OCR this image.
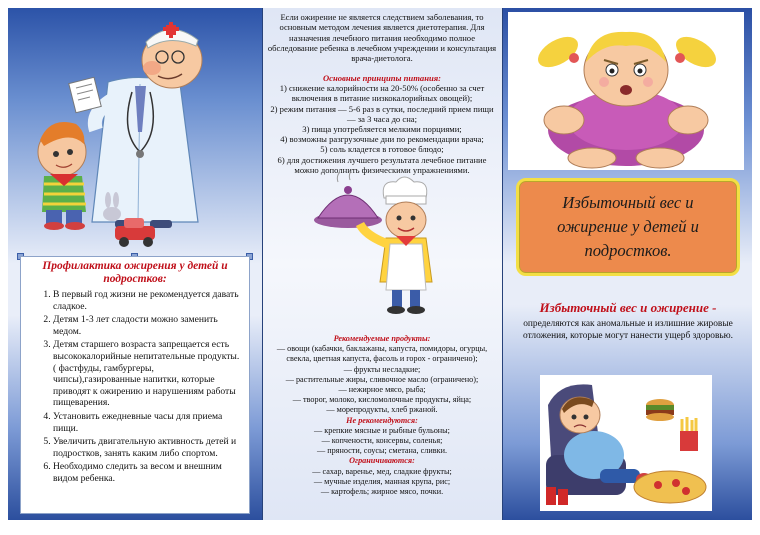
Профилактика ожирения у детей и подростков:
1. В первый год жизни не рекомендуется давать сладкое.
2. Детям 1-3 лет сладости можно заменить медом.
3. Детям старшего возраста запрещается есть высококалорийные непитательные продукты. ( фастфуды, гамбургеры, чипсы),газированные напитки, которые приводят к ожирению и нарушениям работы пищеварения.
4. Установить ежедневные часы для приема пищи.
5. Увеличить двигательную активность детей и подростков, занять каким либо спортом.
6. Необходимо следить за весом и внешним видом ребенка.
Если ожирение не является следствием заболевания, то основным методом лечения является диетотерапия. Для назначения лечебного питания необходимо полное обследование ребенка в лечебном учреждении и консультация врача-диетолога.
Основные принципы питания:
1) снижение калорийности на 20-50% (особенно за счет включения в питание низкокалорийных овощей);
2) режим питания — 5-6 раз в сутки, последний прием пищи — за 3 часа до сна;
3) пища употребляется мелкими порциями;
4) возможны разгрузочные дни по рекомендации врача;
5) соль кладется в готовое блюдо;
6) для достижения лучшего результата лечебное питание можно дополнить физическими упражнениями.
Рекомендуемые продукты:
— овощи (кабачки, баклажаны, капуста, помидоры, огурцы, свекла, цветная капуста, фасоль и горох - ограничено);
— фрукты несладкие;
— растительные жиры, сливочное масло (ограничено);
— нежирное мясо, рыба;
— творог, молоко, кисломолочные продукты, яйца;
— морепродукты, хлеб ржаной.
Не рекомендуются:
— крепкие мясные и рыбные бульоны;
— копчености, консервы, соленья;
— пряности, соусы; сметана, сливки.
Ограничиваются:
— сахар, варенье, мед, сладкие фрукты;
— мучные изделия, манная крупа, рис;
— картофель; жирное мясо, почки.
Избыточный вес и ожирение у детей и подростков.
Избыточный вес и ожирение -
определяются как аномальные и излишние жировые отложения, которые могут нанести ущерб здоровью.
